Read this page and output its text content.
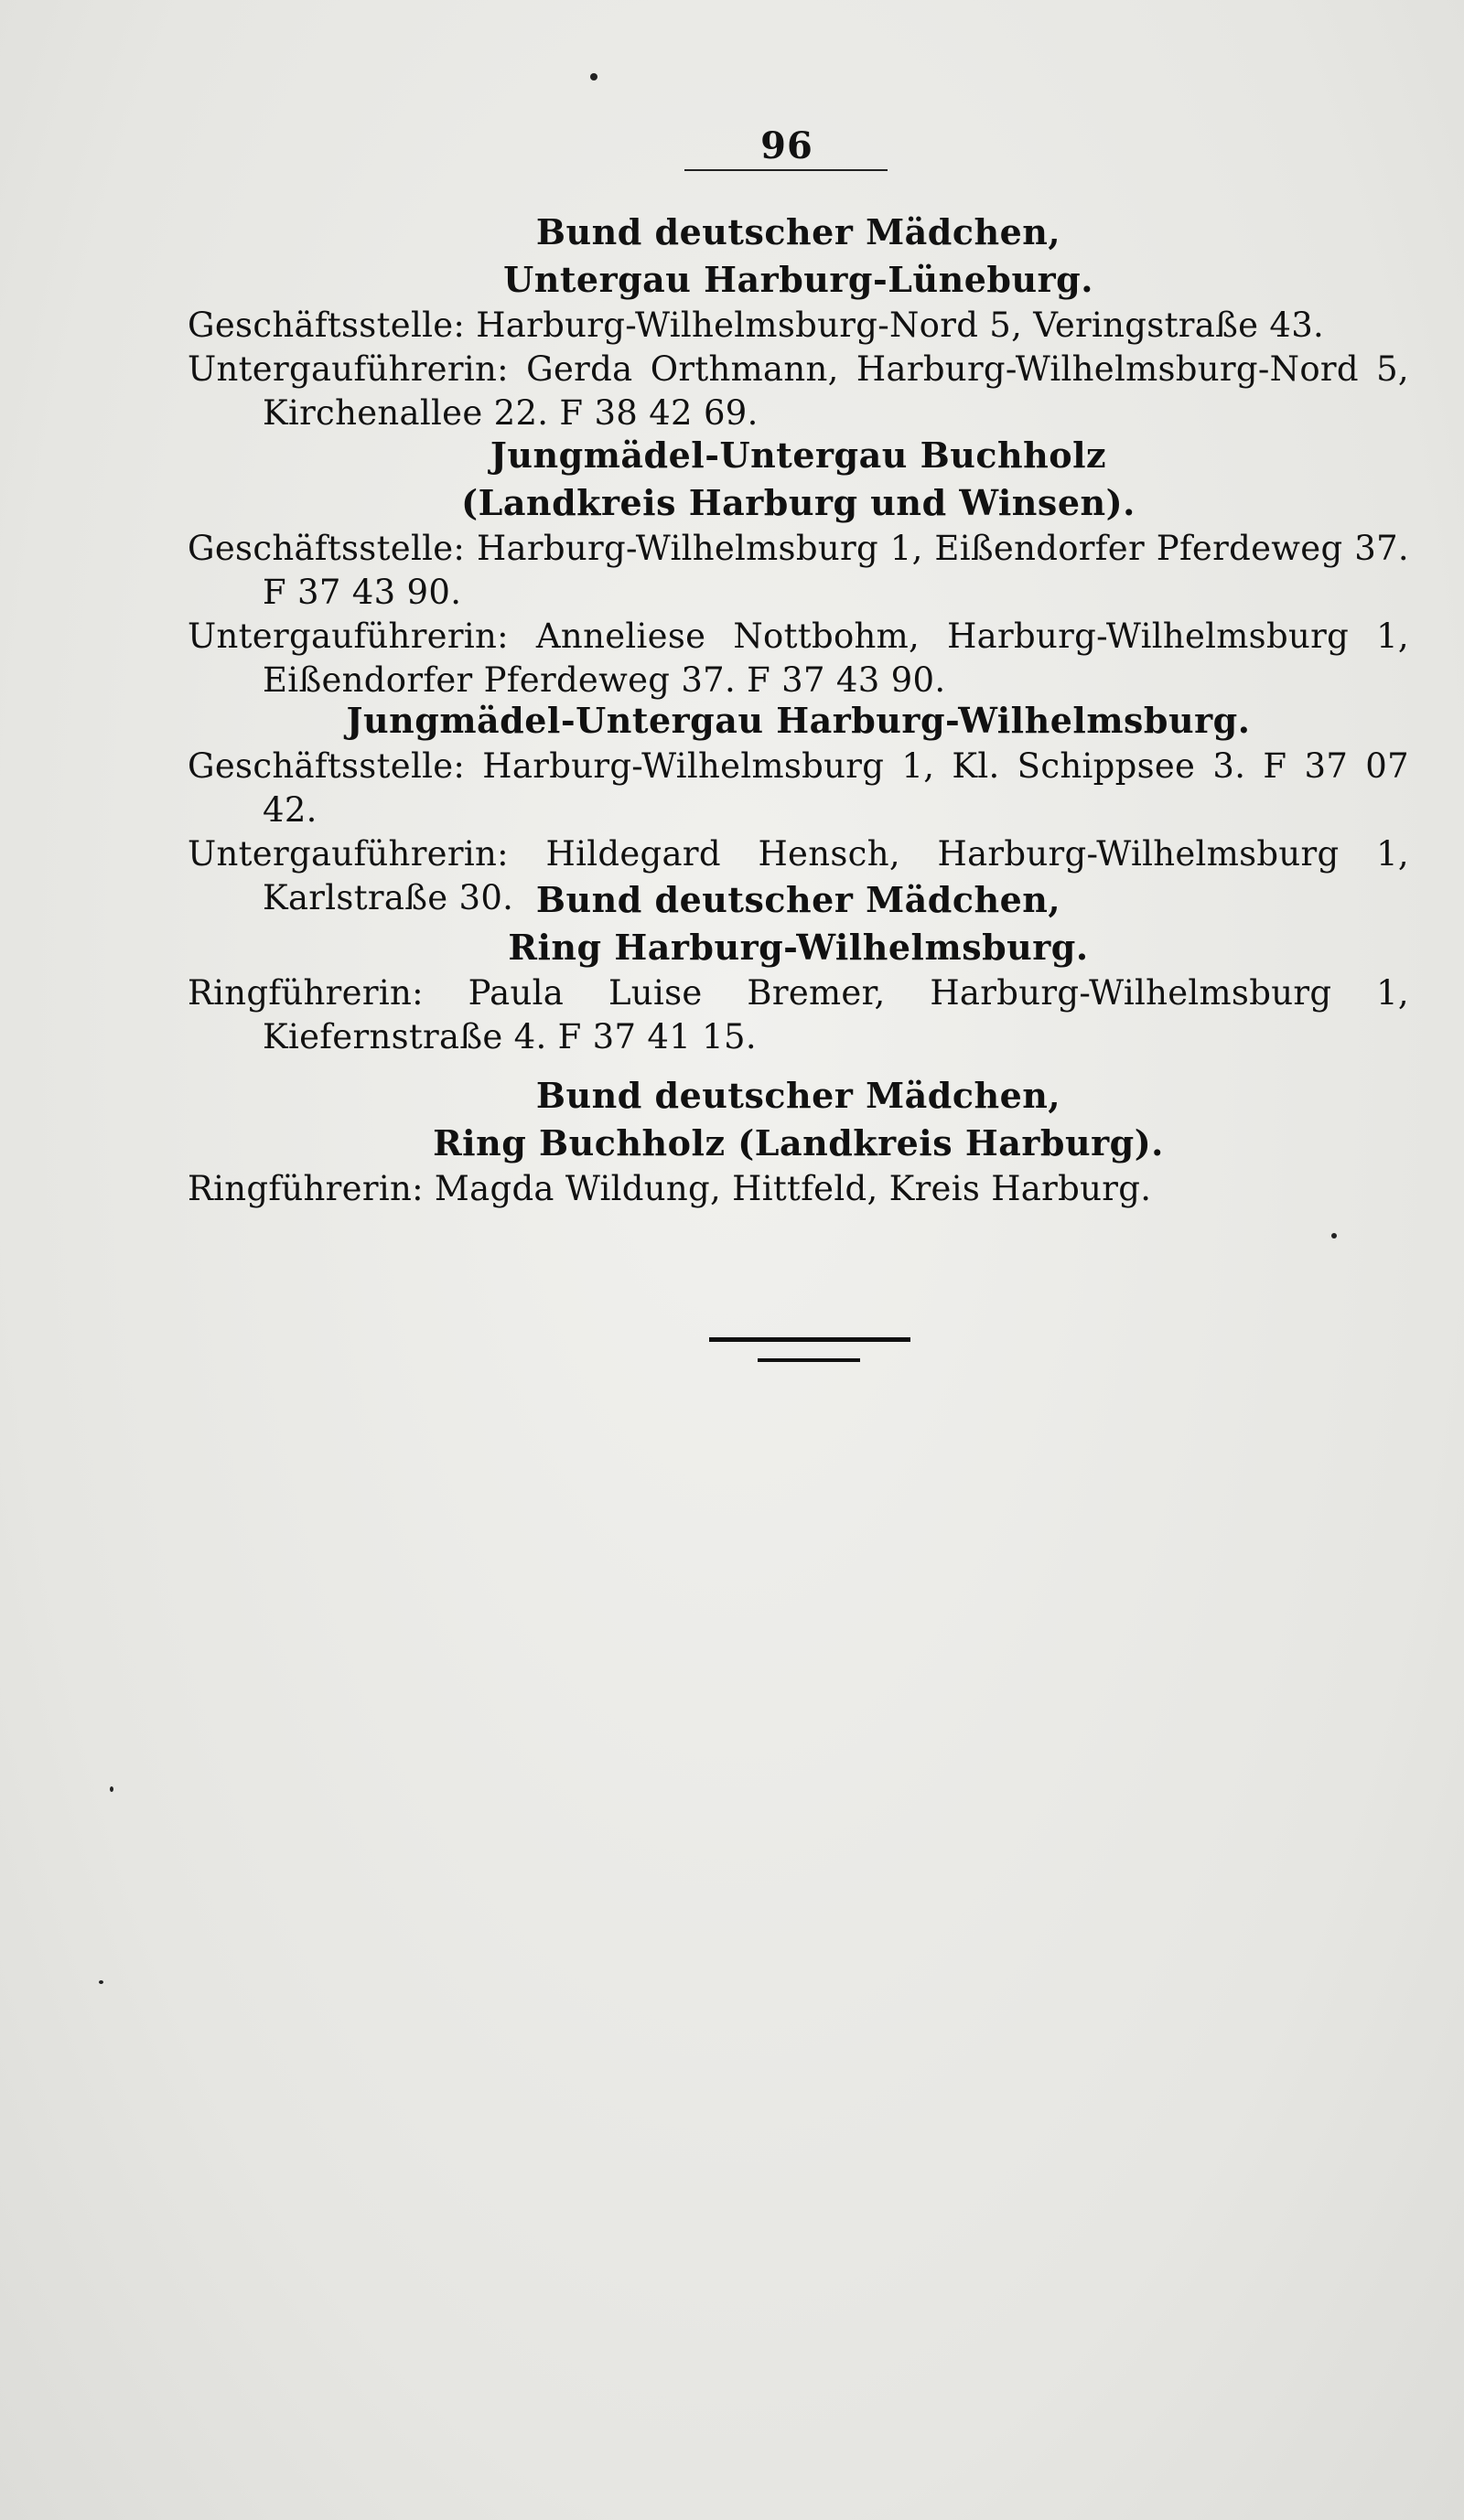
96

Bund deutscher Mädchen,

Untergau Harburg-Lüneburg.

Geschäftsstelle: Harburg-Wilhelmsburg-Nord 5, Veringstraße 43.

Untergauführerin: Gerda Orthmann, Harburg-Wilhelmsburg-Nord 5, Kirchenallee 22. F 38 42 69.

Jungmädel-Untergau Buchholz

(Landkreis Harburg und Winsen).

Geschäftsstelle: Harburg-Wilhelmsburg 1, Eißendorfer Pferdeweg 37. F 37 43 90.

Untergauführerin: Anneliese Nottbohm, Harburg-Wilhelmsburg 1, Eißendorfer Pferdeweg 37. F 37 43 90.

Jungmädel-Untergau Harburg-Wilhelmsburg.

Geschäftsstelle: Harburg-Wilhelmsburg 1, Kl. Schippsee 3. F 37 07 42.

Untergauführerin: Hildegard Hensch, Harburg-Wilhelmsburg 1, Karlstraße 30. Bund deutscher Mädchen,

Ring Harburg-Wilhelmsburg.

Ringführerin: Paula Luise Bremer, Harburg-Wilhelmsburg 1, Kiefernstraße 4. F 37 41 15.

Bund deutscher Mädchen,

Ring Buchholz (Landkreis Harburg).

Ringführerin: Magda Wildung, Hittfeld, Kreis Harburg.
